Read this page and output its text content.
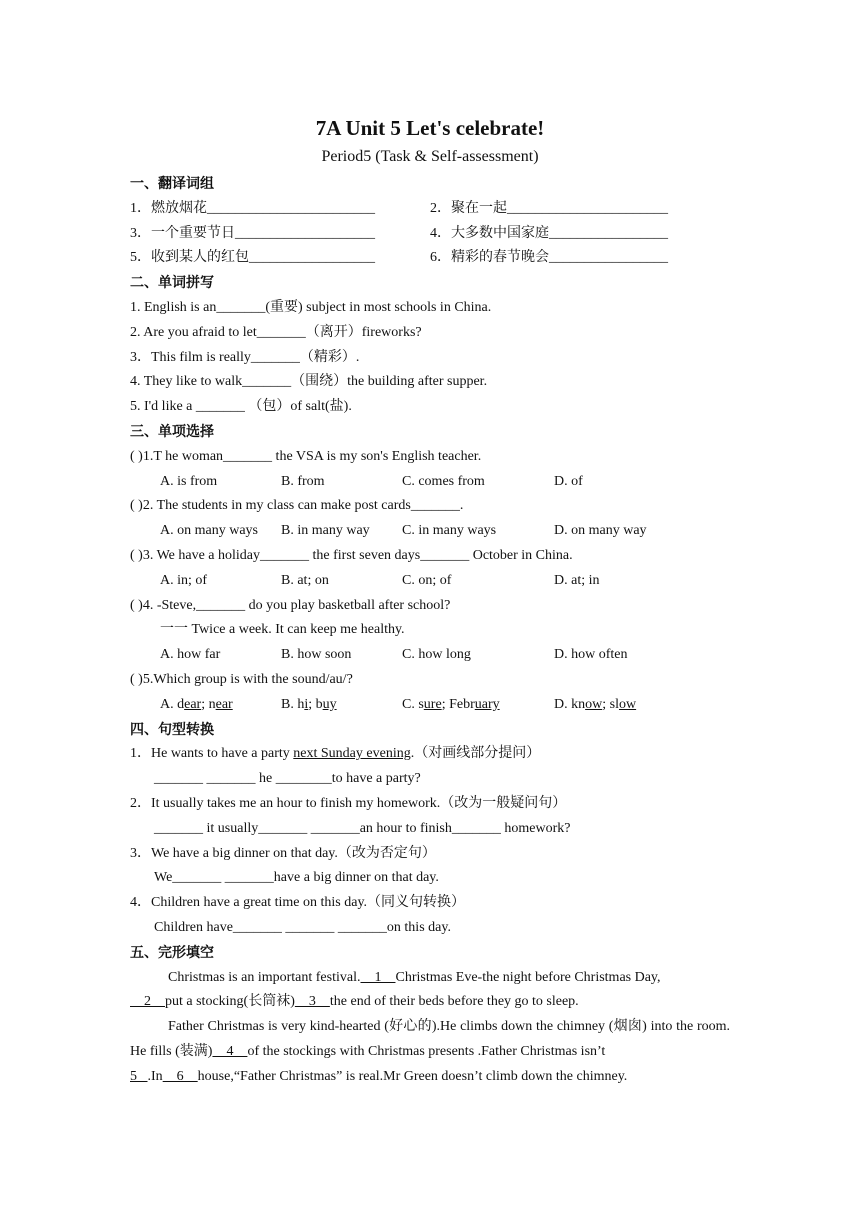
7A Unit 5 Let's celebrate!
Period5 (Task & Self-assessment)
一、翻译词组
1．燃放烟花________________________	2．聚在一起_______________________
3．一个重要节日____________________	4．大多数中国家庭_________________
5．收到某人的红包__________________	6．精彩的春节晚会_________________
二、单词拼写
1. English is an_______(重要) subject in most schools in China.
2. Are you afraid to let_______（离开）fireworks?
3．This film is really_______（精彩）.
4. They like to walk_______（围绕）the building after supper.
5. I'd like a _______ （包）of salt(盐).
三、单项选择
( )1.T he woman_______ the VSA is my son's English teacher.
A. is from	B. from	C. comes from	D. of
( )2. The students in my class can make post cards_______.
A. on many ways	B. in many way	C. in many ways	D. on many way
( )3. We have a holiday_______ the first seven days_______ October in China.
A. in; of	B. at; on	C. on; of	D. at; in
( )4. -Steve,_______ do you play basketball after school?
一一 Twice a week. It can keep me healthy.
A. how far	B. how soon	C. how long	D. how often
( )5.Which group is with the sound/au/?
A. dear; near	B. hi; buy	C. sure; February	D. know; slow
四、句型转换
1．He wants to have a party next Sunday evening.（对画线部分提问）
_______ _______ he ________to have a party?
2．It usually takes me an hour to finish my homework.（改为一般疑问句）
_______ it usually_______ _______an hour to finish_______ homework?
3．We have a big dinner on that day.（改为否定句）
We_______ _______have a big dinner on that day.
4．Children have a great time on this day.（同义句转换）
Children have_______ _______ _______on this day.
五、完形填空
Christmas is an important festival.    1    Christmas Eve-the night before Christmas Day,
2    put a stocking(长筒袜)    3    the end of their beds before they go to sleep.
Father Christmas is very kind-hearted (好心的).He climbs down the chimney (烟囱) into the room. He fills (装满)    4    of the stockings with Christmas presents .Father Christmas isn’t
5   .In    6    house,“Father Christmas” is real.Mr Green doesn’t climb down the chimney.
